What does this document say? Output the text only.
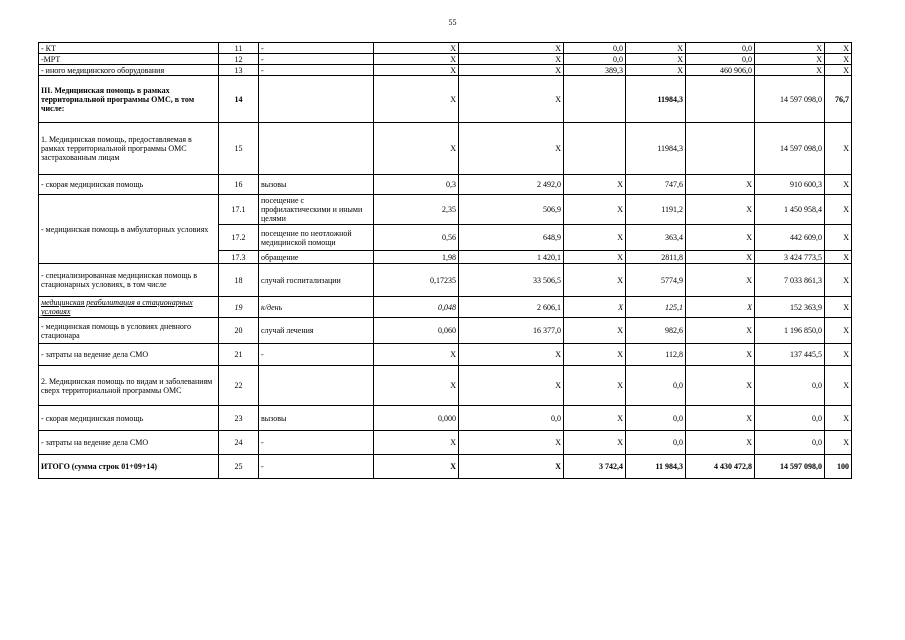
55
- КТ	11	-	X	X	0,0	X	0,0	X	X
-МРТ	12	-	X	X	0,0	X	0,0	X	X
- иного медицинского оборудования	13	-	X	X	389,3	X	460 906,0	X	X
III. Медицинская помощь в рамках территориальной программы ОМС, в том числе:	14		X	X		11984,3		14 597 098,0	76,7
1. Медицинская помощь, предоставляемая в рамках территориальной программы ОМС застрахованным лицам	15		X	X		11984,3		14 597 098,0	X
- скорая медицинская помощь	16	вызовы	0,3	2 492,0	X	747,6	X	910 600,3	X
- медицинская помощь в амбулаторных условиях	17.1	посещение с профилактическими и иными целями	2,35	506,9	X	1191,2	X	1 450 958,4	X
	17.2	посещение по неотложной медицинской помощи	0,56	648,9	X	363,4	X	442 609,0	X
	17.3	обращение	1,98	1 420,1	X	2811,8	X	3 424 773,5	X
- специализированная медицинская помощь в стационарных условиях, в том числе	18	случай госпитализации	0,17235	33 506,5	X	5774,9	X	7 033 861,3	X
медицинская реабилитация в стационарных условиях	19	к/день	0,048	2 606,1	X	125,1	X	152 363,9	X
- медицинская помощь в условиях дневного стационара	20	случай лечения	0,060	16 377,0	X	982,6	X	1 196 850,0	X
- затраты на ведение дела СМО	21	-	X	X	X	112,8	X	137 445,5	X
2. Медицинская помощь по видам и заболеваниям сверх территориальной программы ОМС	22		X	X	X	0,0	X	0,0	X
- скорая медицинская помощь	23	вызовы	0,000	0,0	X	0,0	X	0,0	X
- затраты на ведение дела СМО	24	-	X	X	X	0,0	X	0,0	X
ИТОГО (сумма строк 01+09+14)	25	-	X	X	3 742,4	11 984,3	4 430 472,8	14 597 098,0	100
